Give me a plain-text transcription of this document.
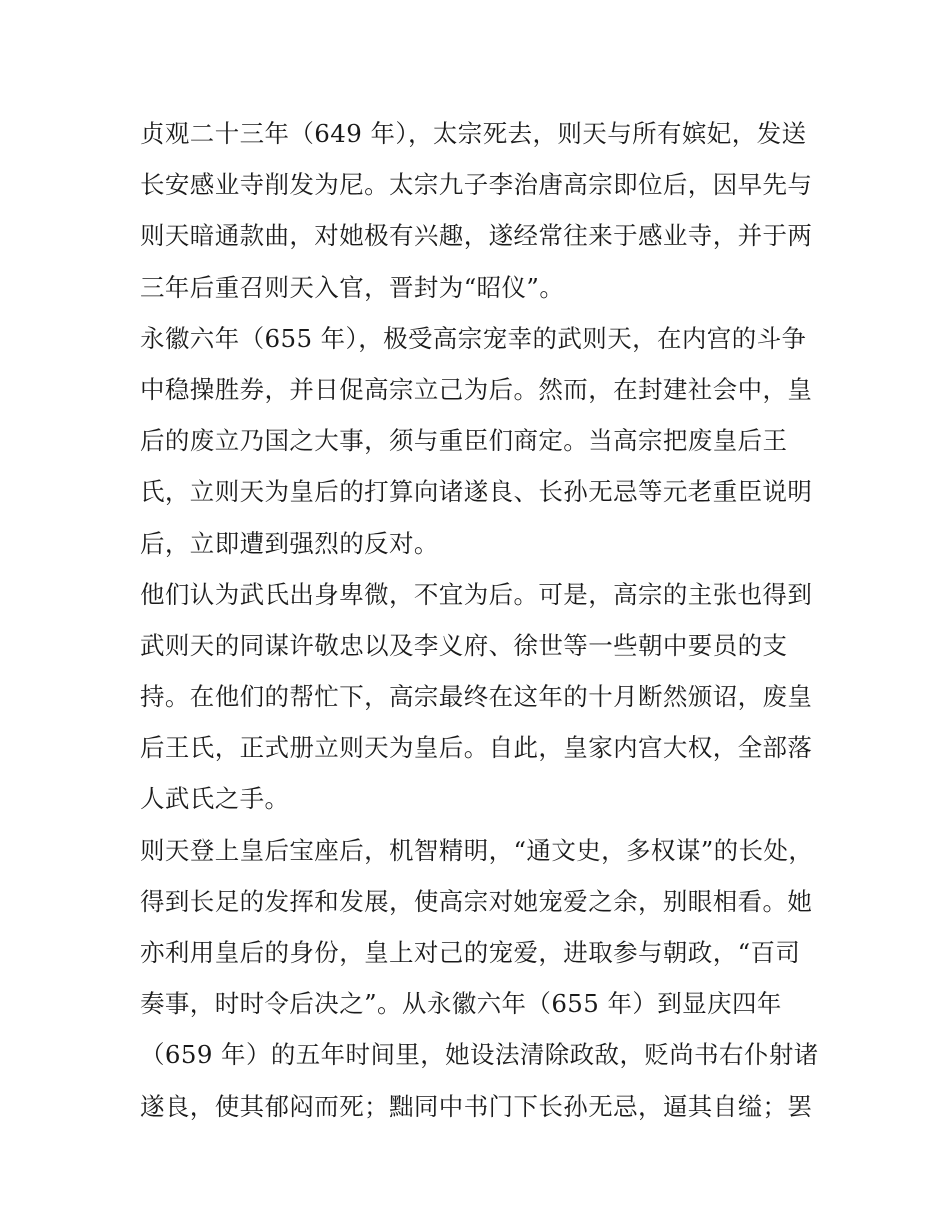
贞观二十三年（649 年），太宗死去，则天与所有嫔妃，发送
长安感业寺削发为尼。太宗九子李治唐高宗即位后，因早先与
则天暗通款曲，对她极有兴趣，遂经常往来于感业寺，并于两
三年后重召则天入官，晋封为“昭仪”。
永徽六年（655 年），极受高宗宠幸的武则天，在内宫的斗争
中稳操胜券，并日促高宗立己为后。然而，在封建社会中，皇
后的废立乃国之大事，须与重臣们商定。当高宗把废皇后王
氏，立则天为皇后的打算向诸遂良、长孙无忌等元老重臣说明
后，立即遭到强烈的反对。
他们认为武氏出身卑微，不宜为后。可是，高宗的主张也得到
武则天的同谋许敬忠以及李义府、徐世等一些朝中要员的支
持。在他们的帮忙下，高宗最终在这年的十月断然颁诏，废皇
后王氏，正式册立则天为皇后。自此，皇家内宫大权，全部落
人武氏之手。
则天登上皇后宝座后，机智精明，“通文史，多权谋”的长处，
得到长足的发挥和发展，使高宗对她宠爱之余，别眼相看。她
亦利用皇后的身份，皇上对己的宠爱，进取参与朝政，“百司
奏事，时时令后决之”。从永徽六年（655 年）到显庆四年
（659 年）的五年时间里，她设法清除政敌，贬尚书右仆射诸
遂良，使其郁闷而死；黜同中书门下长孙无忌，逼其自缢；罢
